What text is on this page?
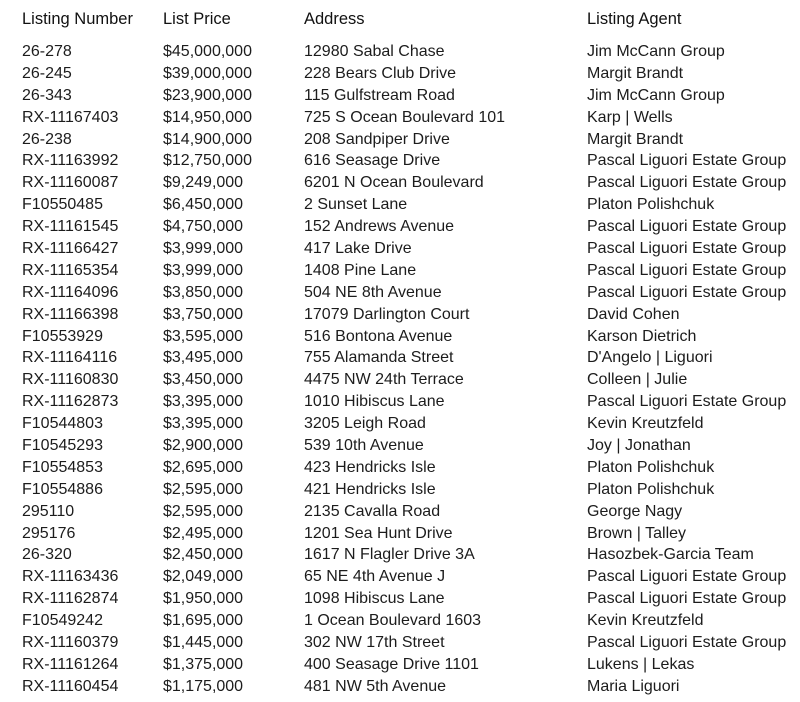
Listing Number List Price	Address	Listing Agent
26-278	$45,000,000	12980 Sabal Chase	Jim McCann Group
26-245	$39,000,000	228 Bears Club Drive	Margit Brandt
26-343	$23,900,000	115 Gulfstream Road	Jim McCann Group
RX-11167403	$14,950,000	725 S Ocean Boulevard 101	Karp | Wells
26-238	$14,900,000	208 Sandpiper Drive	Margit Brandt
RX-11163992	$12,750,000	616 Seasage Drive	Pascal Liguori Estate Group
RX-11160087	$9,249,000	6201 N Ocean Boulevard	Pascal Liguori Estate Group
F10550485	$6,450,000	2 Sunset Lane	Platon Polishchuk
RX-11161545	$4,750,000	152 Andrews Avenue	Pascal Liguori Estate Group
RX-11166427	$3,999,000	417 Lake Drive	Pascal Liguori Estate Group
RX-11165354	$3,999,000	1408 Pine Lane	Pascal Liguori Estate Group
RX-11164096	$3,850,000	504 NE 8th Avenue	Pascal Liguori Estate Group
RX-11166398	$3,750,000	17079 Darlington Court	David Cohen
F10553929	$3,595,000	516 Bontona Avenue	Karson Dietrich
RX-11164116	$3,495,000	755 Alamanda Street	D'Angelo | Liguori
RX-11160830	$3,450,000	4475 NW 24th Terrace	Colleen | Julie
RX-11162873	$3,395,000	1010 Hibiscus Lane	Pascal Liguori Estate Group
F10544803	$3,395,000	3205 Leigh Road	Kevin Kreutzfeld
F10545293	$2,900,000	539 10th Avenue	Joy | Jonathan
F10554853	$2,695,000	423 Hendricks Isle	Platon Polishchuk
F10554886	$2,595,000	421 Hendricks Isle	Platon Polishchuk
295110	$2,595,000	2135 Cavalla Road	George Nagy
295176	$2,495,000	1201 Sea Hunt Drive	Brown | Talley
26-320	$2,450,000	1617 N Flagler Drive 3A	Hasozbek-Garcia Team
RX-11163436	$2,049,000	65 NE 4th Avenue J	Pascal Liguori Estate Group
RX-11162874	$1,950,000	1098 Hibiscus Lane	Pascal Liguori Estate Group
F10549242	$1,695,000	1 Ocean Boulevard 1603	Kevin Kreutzfeld
RX-11160379	$1,445,000	302 NW 17th Street	Pascal Liguori Estate Group
RX-11161264	$1,375,000	400 Seasage Drive 1101	Lukens | Lekas
RX-11160454	$1,175,000	481 NW 5th Avenue	Maria Liguori
